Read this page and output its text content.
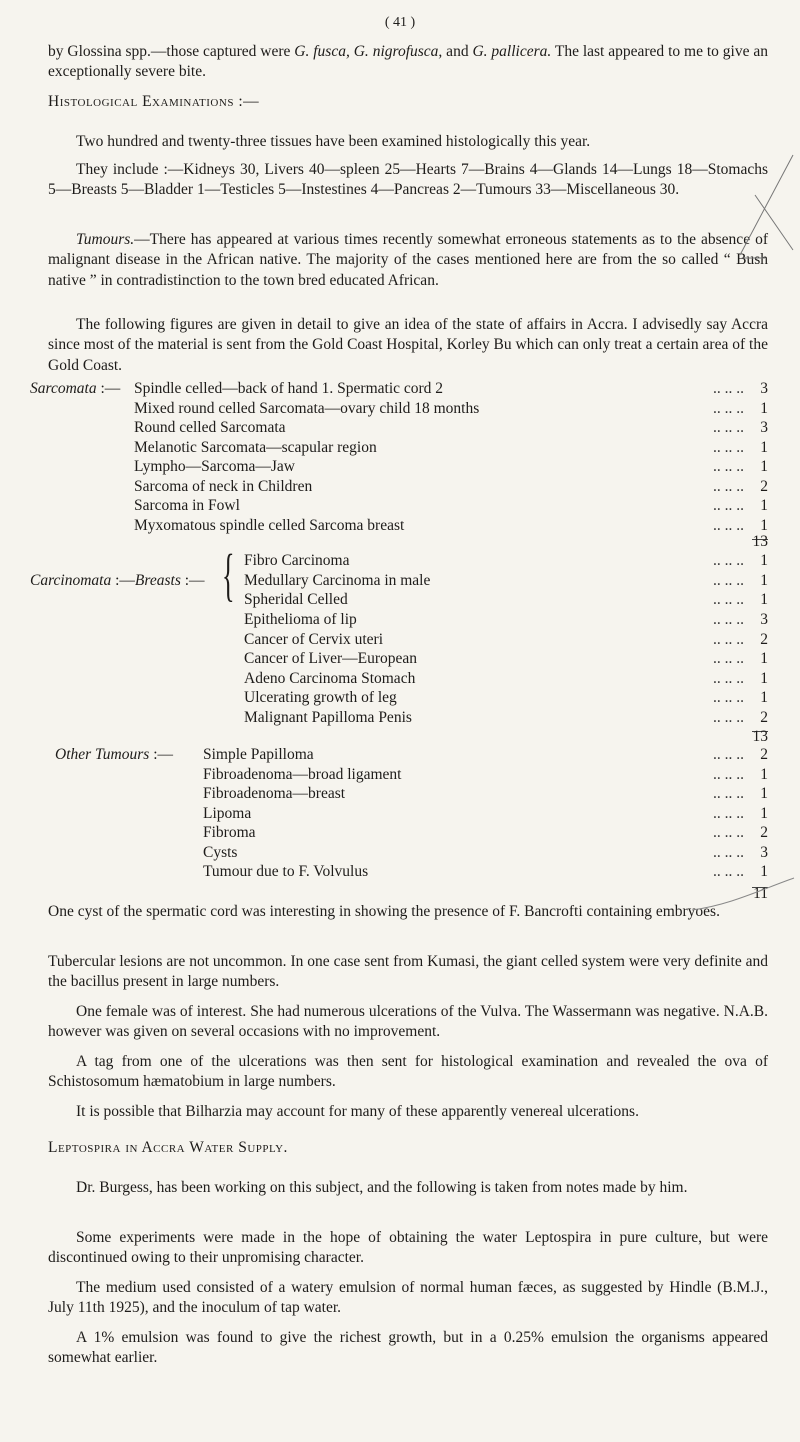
( 41 )

by Glossina spp.—those captured were G. fusca, G. nigrofusca, and G. pallicera. The last appeared to me to give an exceptionally severe bite.

Histological Examinations :—

Two hundred and twenty-three tissues have been examined histologically this year.

They include :—Kidneys 30, Livers 40—spleen 25—Hearts 7—Brains 4—Glands 14—Lungs 18—Stomachs 5—Breasts 5—Bladder 1—Testicles 5—Instestines 4—Pancreas 2—Tumours 33—Miscellaneous 30.

Tumours.—There has appeared at various times recently somewhat erroneous statements as to the absence of malignant disease in the African native. The majority of the cases mentioned here are from the so called “ Bush native ” in contradistinction to the town bred educated African.

The following figures are given in detail to give an idea of the state of affairs in Accra. I advisedly say Accra since most of the material is sent from the Gold Coast Hospital, Korley Bu which can only treat a certain area of the Gold Coast.

Sarcomata :— Spindle celled—back of hand 1. Spermatic cord 2	.. .. ..	3
Mixed round celled Sarcomata—ovary child 18 months	.. .. ..	1
Round celled Sarcomata	.. .. ..	3
Melanotic Sarcomata—scapular region	.. .. ..	1
Lympho—Sarcoma—Jaw	.. .. ..	1
Sarcoma of neck in Children	.. .. ..	2
Sarcoma in Fowl	.. .. ..	1
Myxomatous spindle celled Sarcoma breast	.. .. ..	1
13
Carcinomata :—Breasts :— { Fibro Carcinoma	.. .. ..	1
Medullary Carcinoma in male	.. .. ..	1
Spheridal Celled	.. .. ..	1
Epithelioma of lip	.. .. ..	3
Cancer of Cervix uteri	.. .. ..	2
Cancer of Liver—European	.. .. ..	1
Adeno Carcinoma Stomach	.. .. ..	1
Ulcerating growth of leg	.. .. ..	1
Malignant Papilloma Penis	.. .. ..	2
13
Other Tumours :— Simple Papilloma	.. .. ..	2
Fibroadenoma—broad ligament	.. .. ..	1
Fibroadenoma—breast	.. .. ..	1
Lipoma	.. .. ..	1
Fibroma	.. .. ..	2
Cysts	.. .. ..	3
Tumour due to F. Volvulus	.. .. ..	1
11

One cyst of the spermatic cord was interesting in showing the presence of F. Bancrofti containing embryoes.

Tubercular lesions are not uncommon. In one case sent from Kumasi, the giant celled system were very definite and the bacillus present in large numbers.

One female was of interest. She had numerous ulcerations of the Vulva. The Wassermann was negative. N.A.B. however was given on several occasions with no improvement.

A tag from one of the ulcerations was then sent for histological examination and revealed the ova of Schistosomum hæmatobium in large numbers.

It is possible that Bilharzia may account for many of these apparently venereal ulcerations.

Leptospira in Accra Water Supply.

Dr. Burgess, has been working on this subject, and the following is taken from notes made by him.

Some experiments were made in the hope of obtaining the water Leptospira in pure culture, but were discontinued owing to their unpromising character.

The medium used consisted of a watery emulsion of normal human fæces, as suggested by Hindle (B.M.J., July 11th 1925), and the inoculum of tap water.

A 1% emulsion was found to give the richest growth, but in a 0.25% emulsion the organisms appeared somewhat earlier.
